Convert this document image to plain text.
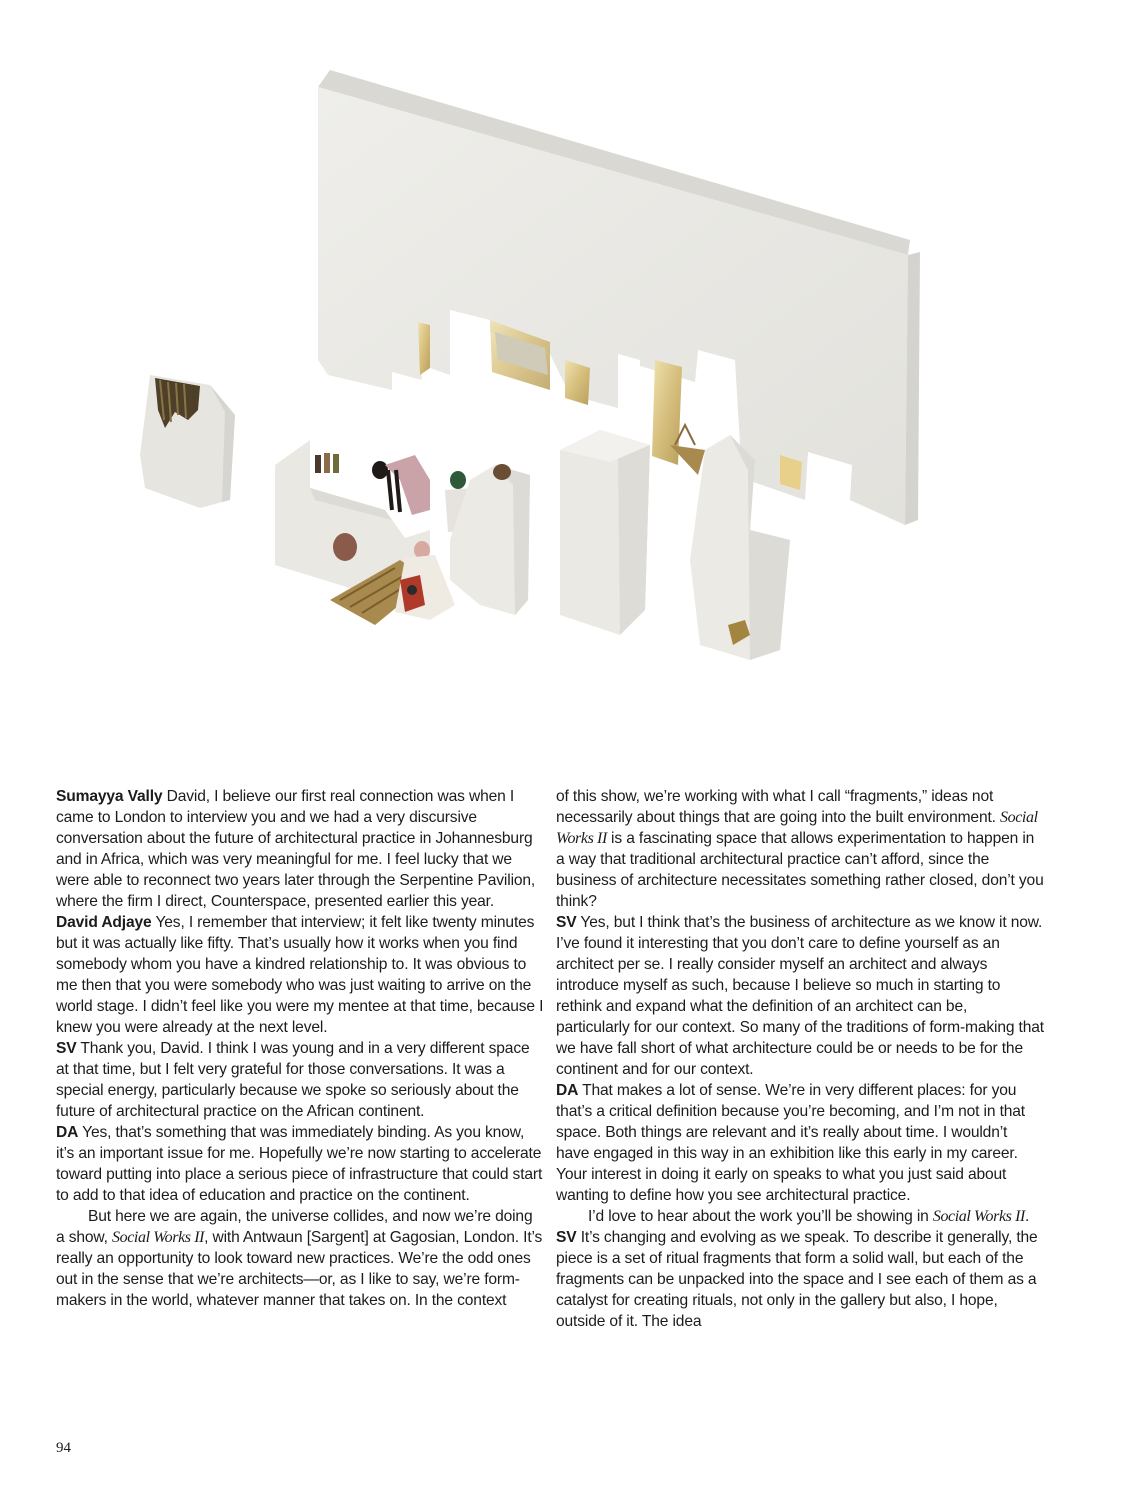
Sumayya Vally David, I believe our first real connection was when I came to London to interview you and we had a very discursive conversation about the future of architectural practice in Johannesburg and in Africa, which was very meaningful for me. I feel lucky that we were able to reconnect two years later through the Serpentine Pavilion, where the firm I direct, Counterspace, presented earlier this year.

David Adjaye Yes, I remember that interview; it felt like twenty minutes but it was actually like fifty. That’s usually how it works when you find somebody whom you have a kindred relationship to. It was obvious to me then that you were somebody who was just waiting to arrive on the world stage. I didn’t feel like you were my mentee at that time, because I knew you were already at the next level.

SV Thank you, David. I think I was young and in a very different space at that time, but I felt very grateful for those conversations. It was a special energy, particularly because we spoke so seriously about the future of architectural practice on the African continent.

DA Yes, that’s something that was immediately binding. As you know, it’s an important issue for me. Hopefully we’re now starting to accelerate toward putting into place a serious piece of infrastructure that could start to add to that idea of education and practice on the continent.

But here we are again, the universe collides, and now we’re doing a show, Social Works II, with Antwaun [Sargent] at Gagosian, London. It’s really an opportunity to look toward new practices. We’re the odd ones out in the sense that we’re architects—or, as I like to say, we’re form-makers in the world, whatever manner that takes on. In the context

of this show, we’re working with what I call “fragments,” ideas not necessarily about things that are going into the built environment. Social Works II is a fascinating space that allows experimentation to happen in a way that traditional architectural practice can’t afford, since the business of architecture necessitates something rather closed, don’t you think?

SV Yes, but I think that’s the business of architecture as we know it now. I’ve found it interesting that you don’t care to define yourself as an architect per se. I really consider myself an architect and always introduce myself as such, because I believe so much in starting to rethink and expand what the definition of an architect can be, particularly for our context. So many of the traditions of form-making that we have fall short of what architecture could be or needs to be for the continent and for our context.

DA That makes a lot of sense. We’re in very different places: for you that’s a critical definition because you’re becoming, and I’m not in that space. Both things are relevant and it’s really about time. I wouldn’t have engaged in this way in an exhibition like this early in my career. Your interest in doing it early on speaks to what you just said about wanting to define how you see architectural practice.

I’d love to hear about the work you’ll be showing in Social Works II.

SV It’s changing and evolving as we speak. To describe it generally, the piece is a set of ritual fragments that form a solid wall, but each of the fragments can be unpacked into the space and I see each of them as a catalyst for creating rituals, not only in the gallery but also, I hope, outside of it. The idea

94
